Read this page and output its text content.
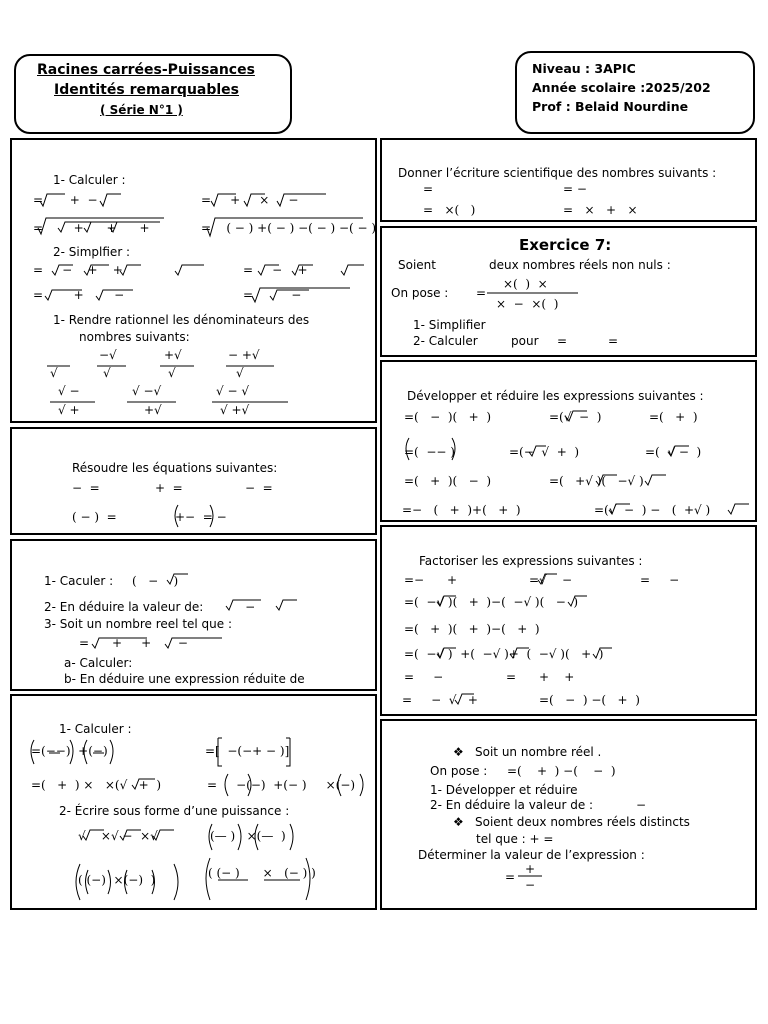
Racines carrées-Puissances
Identités remarquables
( Série N°1 )
Niveau : 3APIC
Année scolaire :2025/202
Prof : Belaid Nourdine
1- Calculer :
=       +  −	=     +     ×     −
=        +      +      +	=    ( − ) +( − ) −( − ) −( − )
2- Simplfier :
=     −    +    +	=     −    +
=        +        −	=          −
1- Rendre rationnel les dénominateurs des
nombres suivants:
−√	+√	− +√
√	√	√	√
√ −	√ −√	√ − √
√ +	+√	√ +√
Résoudre les équations suivantes:
−  =	+  =	−  =
( − )  =	+−  = −
1- Caculer : (   −    )
2- En déduire la valeur de: −
3- Soit un nombre reel tel que :
=      +     +       −
a- Calculer:
b- En déduire une expression réduite de
1- Calculer :
=(−−)  +(−)	=[  −(−+ − )]
=(   +  ) ×   ×(√   +  )	=     −(−)  +(− )     ×(−)
2- Écrire sous forme d’une puissance :
√    ×√ −  ×√	(— )   ×(—  )
( (−)  ×(−)  )	( (− )      ×   (− ) )
Donner l’écriture scientifique des nombres suivants :
=	= −
=   ×(   )	=   ×   +   ×
Exercice 7:
Soient	deux nombres réels non nuls :
On pose : =
×(  )  ×
×  −  ×(  )
1- Simplifier
2- Calculer	pour =	=
Développer et réduire les expressions suivantes :
=(   −  )(   +  )	=(√  −  )	=(   +  )
=(  −− )	=(−  √  +  )	=(  √ −  )
=(   +  )(   −  )	=(   +√ )(   −√ )
=−   (   +  )+(   +  )	=(√  −  ) −   (  +√ )
Factoriser les expressions suivantes :
=−      +	=√    −	=     −
=(  −√ )(   +  )−(  −√ )(   −  )
=(   +  )(   +  )−(   +  )
=(  −√ )  +(  −√ )+  (  −√ )(   +  )
=     −	=      +    +
=     −  √   +	=(   −  ) −(   +  )
❖ Soit un nombre réel .
On pose : =(    +  ) −(    −  )
1- Développer et réduire
2- En déduire la valeur de :	−
❖ Soient deux nombres réels distincts
tel que : + =
Déterminer la valeur de l’expression :
=
+
−
